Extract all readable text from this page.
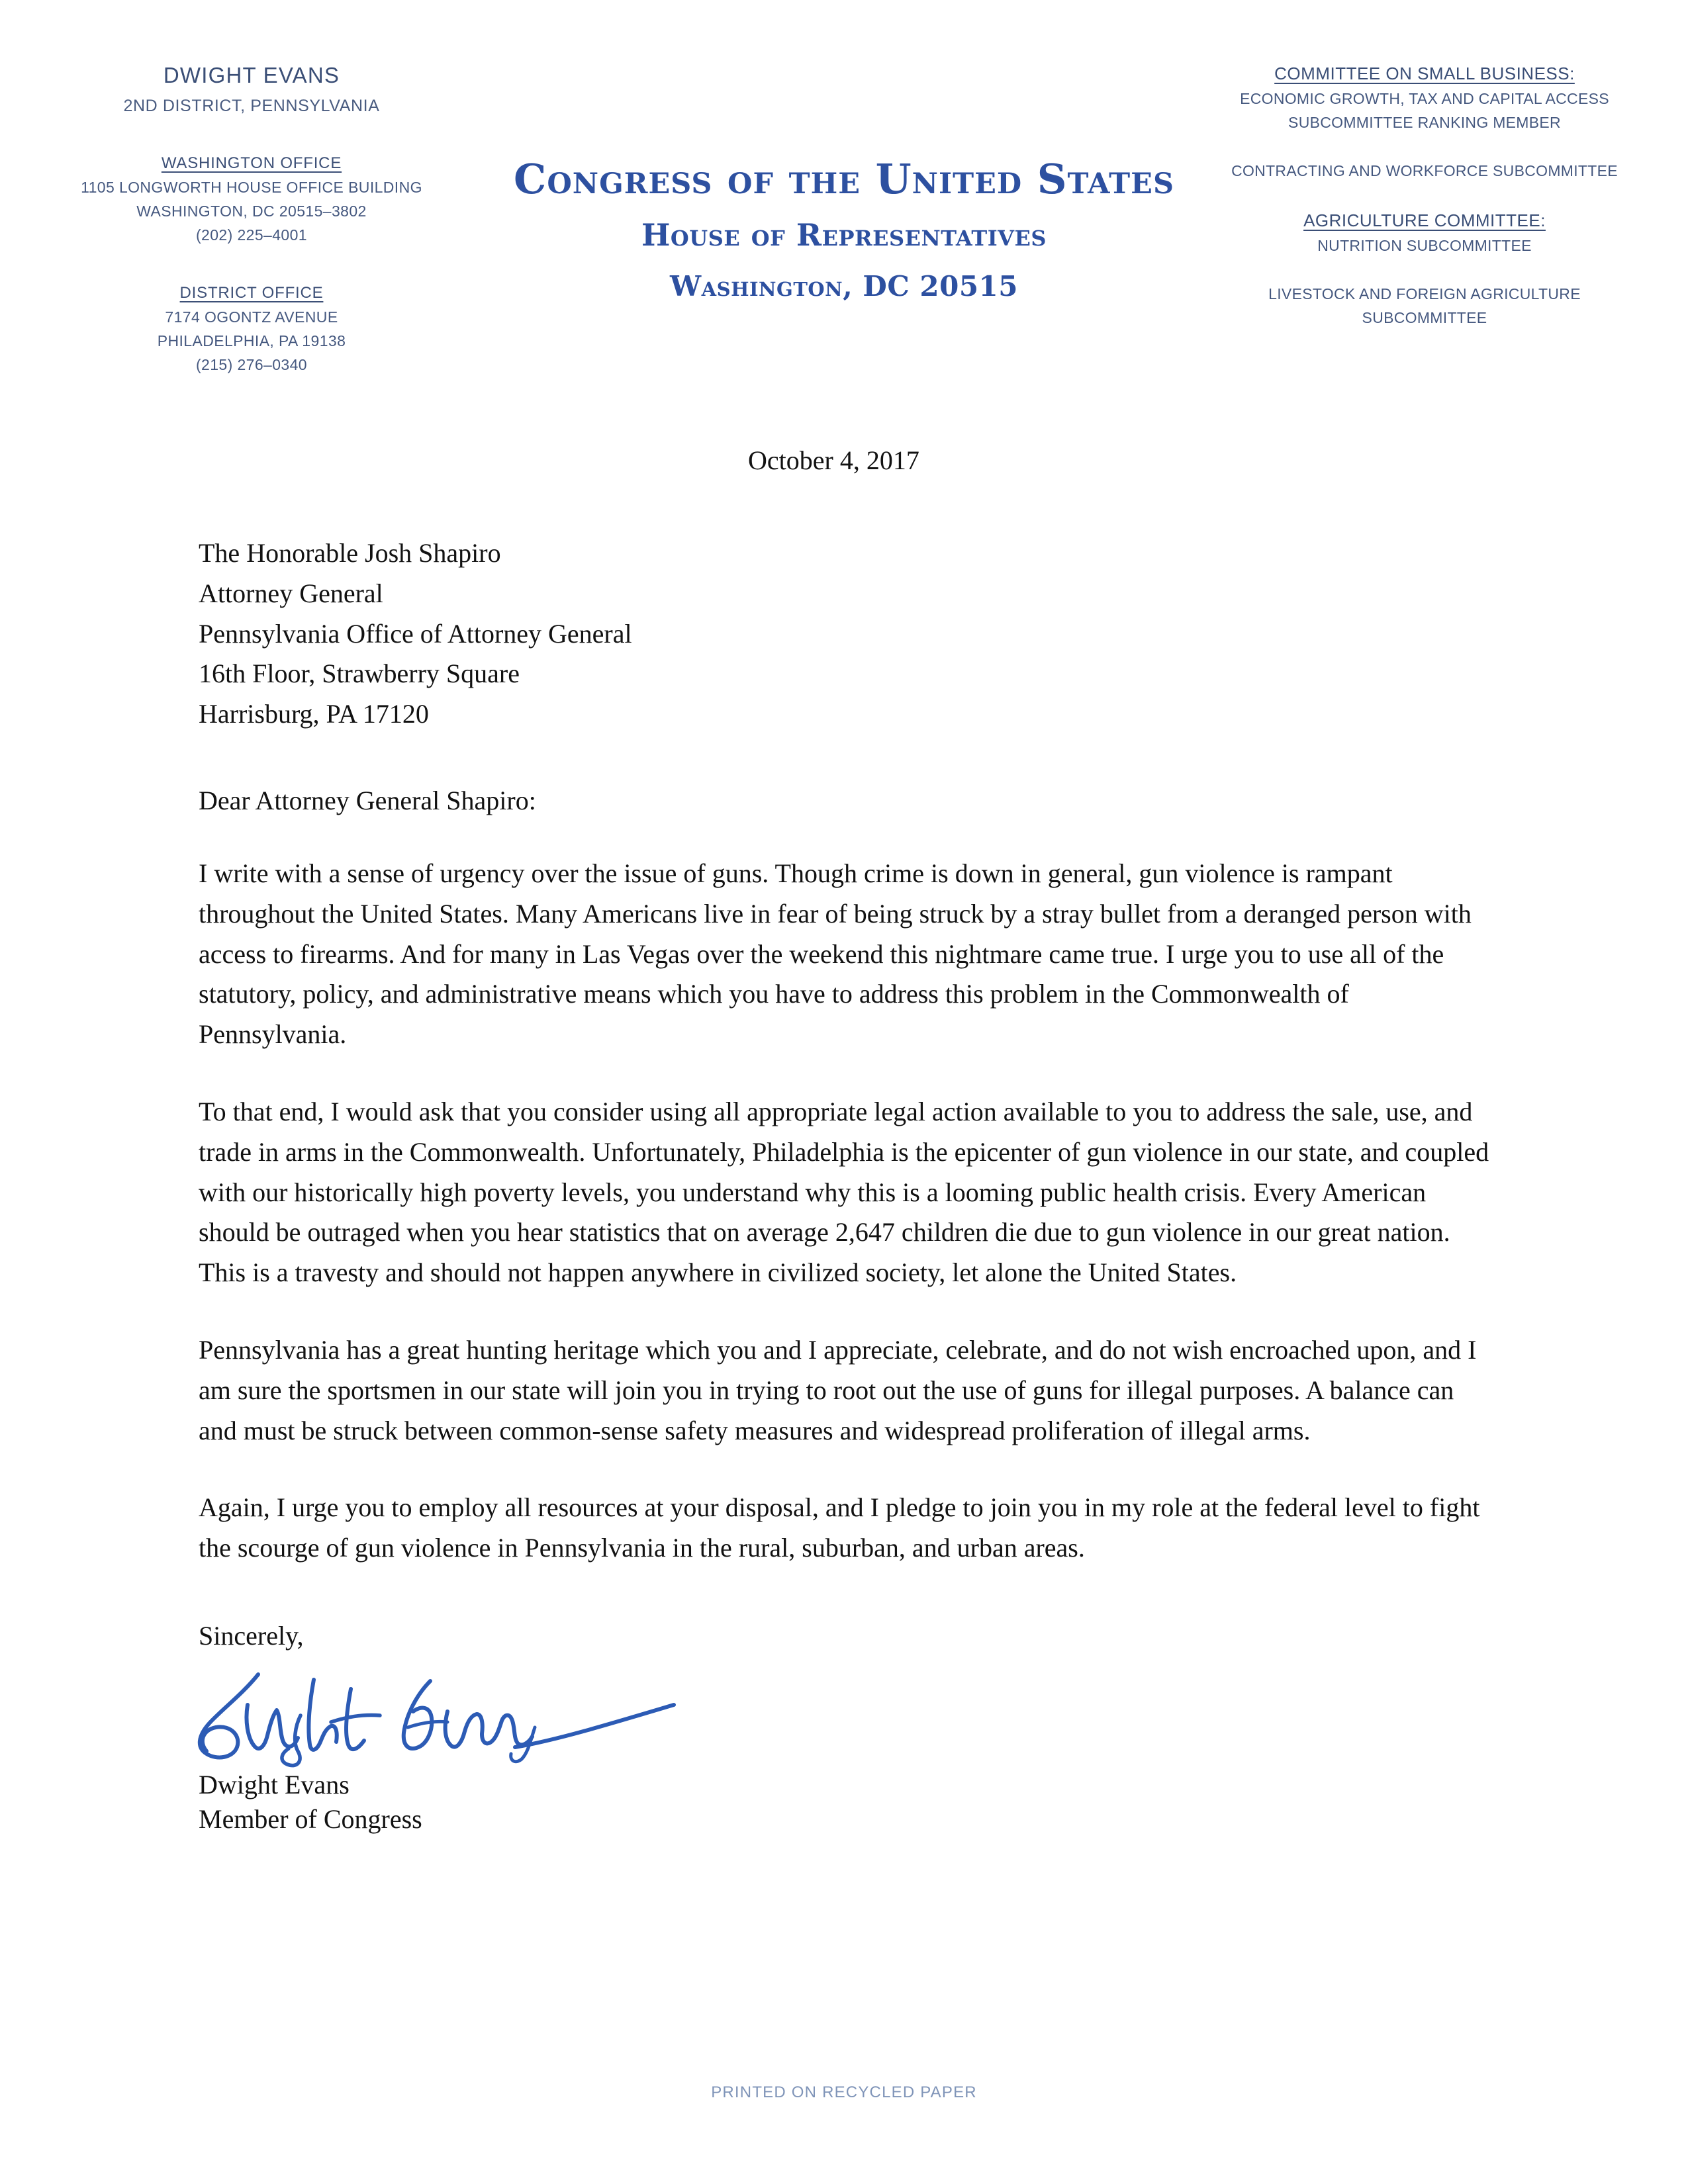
DWIGHT EVANS
2ND DISTRICT, PENNSYLVANIA
WASHINGTON OFFICE
1105 LONGWORTH HOUSE OFFICE BUILDING
WASHINGTON, DC 20515–3802
(202) 225–4001
DISTRICT OFFICE
7174 OGONTZ AVENUE
PHILADELPHIA, PA 19138
(215) 276–0340
Congress of the United States
House of Representatives
Washington, DC 20515
COMMITTEE ON SMALL BUSINESS:
ECONOMIC GROWTH, TAX AND CAPITAL ACCESS
SUBCOMMITTEE RANKING MEMBER
CONTRACTING AND WORKFORCE SUBCOMMITTEE
AGRICULTURE COMMITTEE:
NUTRITION SUBCOMMITTEE
LIVESTOCK AND FOREIGN AGRICULTURE
SUBCOMMITTEE
October 4, 2017
The Honorable Josh Shapiro
Attorney General
Pennsylvania Office of Attorney General
16th Floor, Strawberry Square
Harrisburg, PA 17120
Dear Attorney General Shapiro:
I write with a sense of urgency over the issue of guns. Though crime is down in general, gun violence is rampant throughout the United States. Many Americans live in fear of being struck by a stray bullet from a deranged person with access to firearms. And for many in Las Vegas over the weekend this nightmare came true. I urge you to use all of the statutory, policy, and administrative means which you have to address this problem in the Commonwealth of Pennsylvania.
To that end, I would ask that you consider using all appropriate legal action available to you to address the sale, use, and trade in arms in the Commonwealth. Unfortunately, Philadelphia is the epicenter of gun violence in our state, and coupled with our historically high poverty levels, you understand why this is a looming public health crisis. Every American should be outraged when you hear statistics that on average 2,647 children die due to gun violence in our great nation. This is a travesty and should not happen anywhere in civilized society, let alone the United States.
Pennsylvania has a great hunting heritage which you and I appreciate, celebrate, and do not wish encroached upon, and I am sure the sportsmen in our state will join you in trying to root out the use of guns for illegal purposes. A balance can and must be struck between common-sense safety measures and widespread proliferation of illegal arms.
Again, I urge you to employ all resources at your disposal, and I pledge to join you in my role at the federal level to fight the scourge of gun violence in Pennsylvania in the rural, suburban, and urban areas.
Sincerely,
Dwight Evans
Member of Congress
PRINTED ON RECYCLED PAPER
